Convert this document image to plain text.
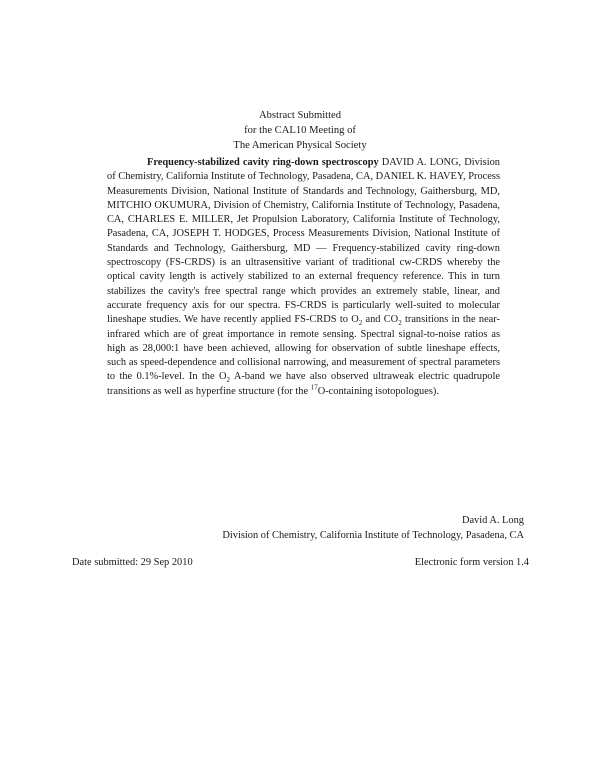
Abstract Submitted
for the CAL10 Meeting of
The American Physical Society
Frequency-stabilized cavity ring-down spectroscopy DAVID A. LONG, Division of Chemistry, California Institute of Technology, Pasadena, CA, DANIEL K. HAVEY, Process Measurements Division, National Institute of Standards and Technology, Gaithersburg, MD, MITCHIO OKUMURA, Division of Chemistry, California Institute of Technology, Pasadena, CA, CHARLES E. MILLER, Jet Propulsion Laboratory, California Institute of Technology, Pasadena, CA, JOSEPH T. HODGES, Process Measurements Division, National Institute of Standards and Technology, Gaithersburg, MD — Frequency-stabilized cavity ring-down spectroscopy (FS-CRDS) is an ultrasensitive variant of traditional cw-CRDS whereby the optical cavity length is actively stabilized to an external frequency reference. This in turn stabilizes the cavity's free spectral range which provides an extremely stable, linear, and accurate frequency axis for our spectra. FS-CRDS is particularly well-suited to molecular lineshape studies. We have recently applied FS-CRDS to $O_2$ and $CO_2$ transitions in the near-infrared which are of great importance in remote sensing. Spectral signal-to-noise ratios as high as 28,000:1 have been achieved, allowing for observation of subtle lineshape effects, such as speed-dependence and collisional narrowing, and measurement of spectral parameters to the 0.1%-level. In the $O_2$ A-band we have also observed ultraweak electric quadrupole transitions as well as hyperfine structure (for the $^{17}$O-containing isotopologues).
David A. Long
Division of Chemistry, California Institute of Technology, Pasadena, CA
Date submitted: 29 Sep 2010	Electronic form version 1.4
